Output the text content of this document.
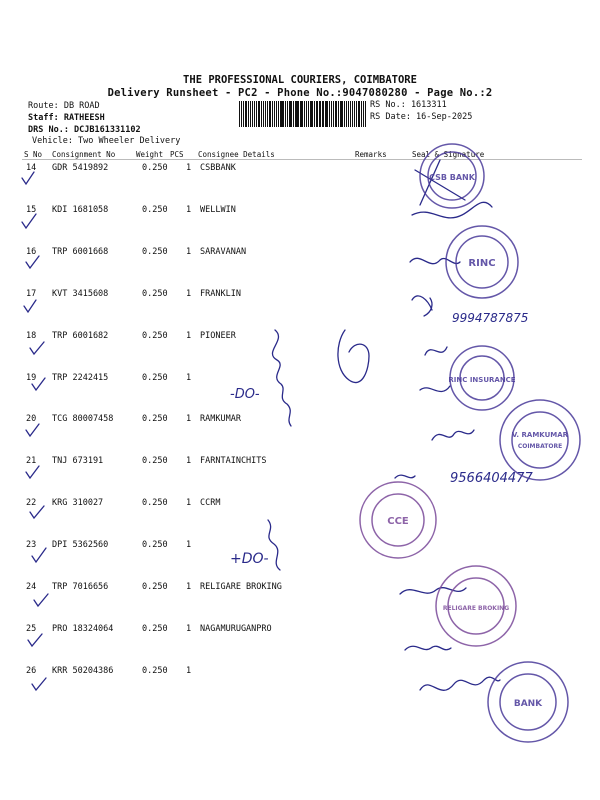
THE PROFESSIONAL COURIERS, COIMBATORE
Delivery Runsheet - PC2 - Phone No.:9047080280 - Page No.:2
Route: DB ROAD
Staff: RATHEESH
DRS No.: DCJB161331102
Vehicle: Two Wheeler Delivery
RS No.: 1613311
RS Date: 16-Sep-2025
S No Consignment No	Weight PCS Consignee Details	Remarks	Seal & Signature
14 GDR 5419892	0.250 1 CSBBANK
15 KDI 1681058	0.250 1 WELLWIN
16 TRP 6001668	0.250 1 SARAVANAN
17 KVT 3415608	0.250 1 FRANKLIN
18 TRP 6001682	0.250 1 PIONEER
19 TRP 2242415	0.250 1
20 TCG 80007458	0.250 1 RAMKUMAR
21 TNJ 673191	0.250 1 FARNTAINCHITS
22 KRG 310027	0.250 1 CCRM
23 DPI 5362560	0.250 1
24 TRP 7016656	0.250 1 RELIGARE BROKING
25 PRO 18324064	0.250 1 NAGAMURUGANPRO
26 KRR 50204386	0.250 1
-DO-
+DO-
9994787875
9566404477
CSB BANK
RINC
RINC INSURANCE
V. RAMKUMAR
COIMBATORE
CCE
RELIGARE BROKING
BANK
